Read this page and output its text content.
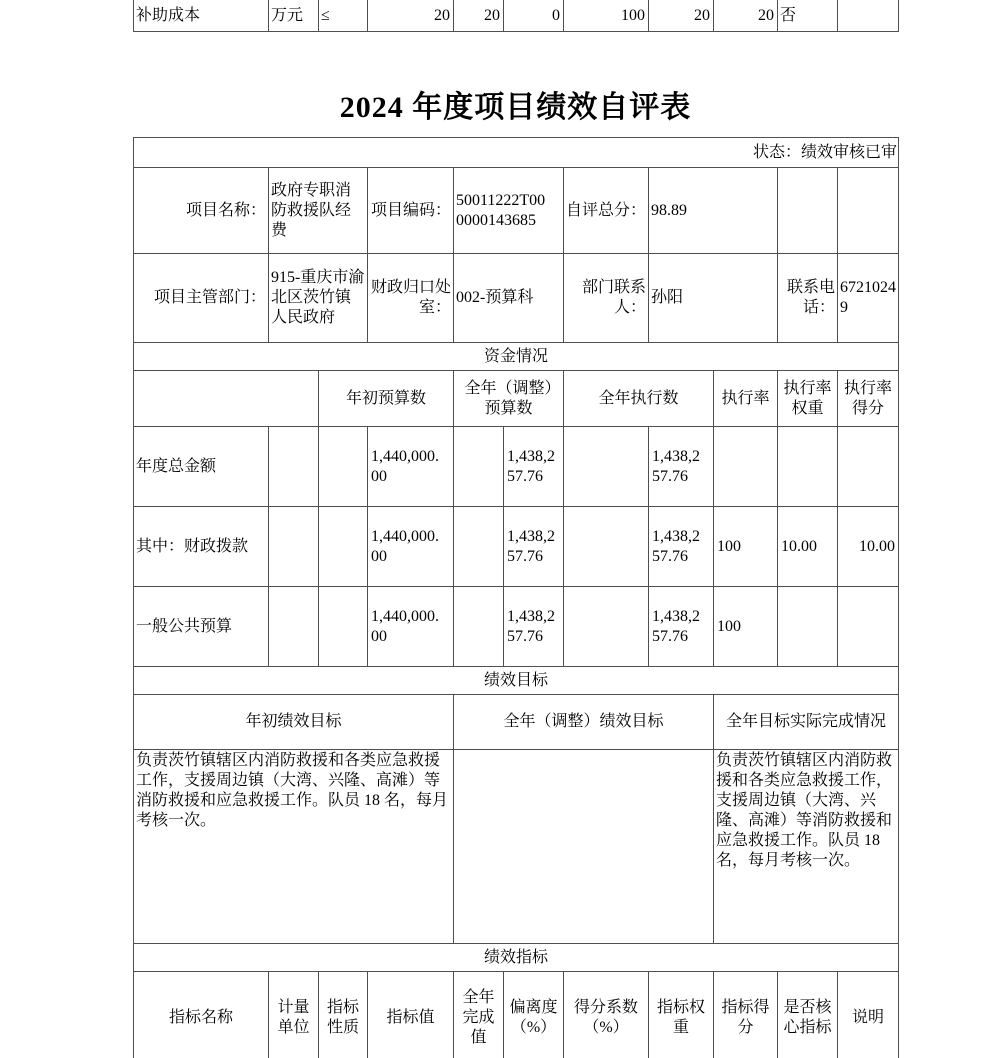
补助成本	万元	≤	20	20	0	100	20	20	否	
2024 年度项目绩效自评表
状态：绩效审核已审										
项目名称：	政府专职消防救援队经费		项目编码：	50011222T000000143685		自评总分：	98.89			
项目主管部门：	915-重庆市渝北区茨竹镇人民政府		财政归口处室：	002-预算科		部门联系人：	孙阳		联系电话：	67210249
资金情况										
		年初预算数		全年（调整）预算数		全年执行数		执行率	执行率权重	执行率得分
年度总金额			1,440,000.00		1,438,257.76		1,438,257.76			
其中：财政拨款			1,440,000.00		1,438,257.76		1,438,257.76	100	10.00	10.00
一般公共预算			1,440,000.00		1,438,257.76		1,438,257.76	100		
绩效目标										
年初绩效目标				全年（调整）绩效目标				全年目标实际完成情况		
负责茨竹镇辖区内消防救援和各类应急救援工作，支援周边镇（大湾、兴隆、高滩）等消防救援和应急救援工作。队员 18 名，每月考核一次。								负责茨竹镇辖区内消防救援和各类应急救援工作，支援周边镇（大湾、兴隆、高滩）等消防救援和应急救援工作。队员 18 名，每月考核一次。		
绩效指标										
指标名称	计量单位	指标性质	指标值	全年完成值	偏离度（%）	得分系数（%）	指标权重	指标得分	是否核心指标	说明
